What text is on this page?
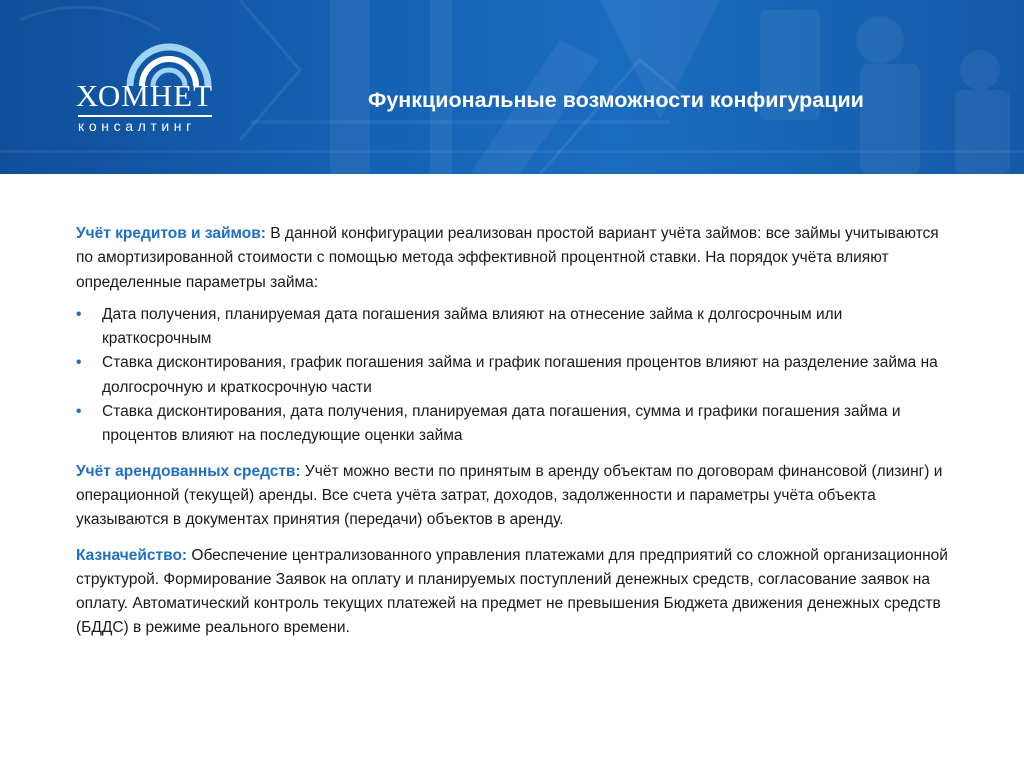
ХОМНЕТ
консалтинг
Функциональные возможности конфигурации

Учёт кредитов и займов: В данной конфигурации реализован простой вариант учёта займов: все займы учитываются по амортизированной стоимости с помощью метода эффективной процентной ставки. На порядок учёта влияют определенные параметры займа:

• Дата получения, планируемая дата погашения займа влияют на отнесение займа к долгосрочным или краткосрочным
• Ставка дисконтирования, график погашения займа и график погашения процентов влияют на разделение займа на долгосрочную и краткосрочную части
• Ставка дисконтирования, дата получения, планируемая дата погашения, сумма и графики погашения займа и процентов влияют на последующие оценки займа

Учёт арендованных средств: Учёт можно вести по принятым в аренду объектам по договорам финансовой (лизинг) и операционной (текущей) аренды. Все счета учёта затрат, доходов, задолженности и параметры учёта объекта указываются в документах принятия (передачи) объектов в аренду.

Казначейство: Обеспечение централизованного управления платежами для предприятий со сложной организационной структурой. Формирование Заявок на оплату и планируемых поступлений денежных средств, согласование заявок на оплату. Автоматический контроль текущих платежей на предмет не превышения Бюджета движения денежных средств (БДДС) в режиме реального времени.
